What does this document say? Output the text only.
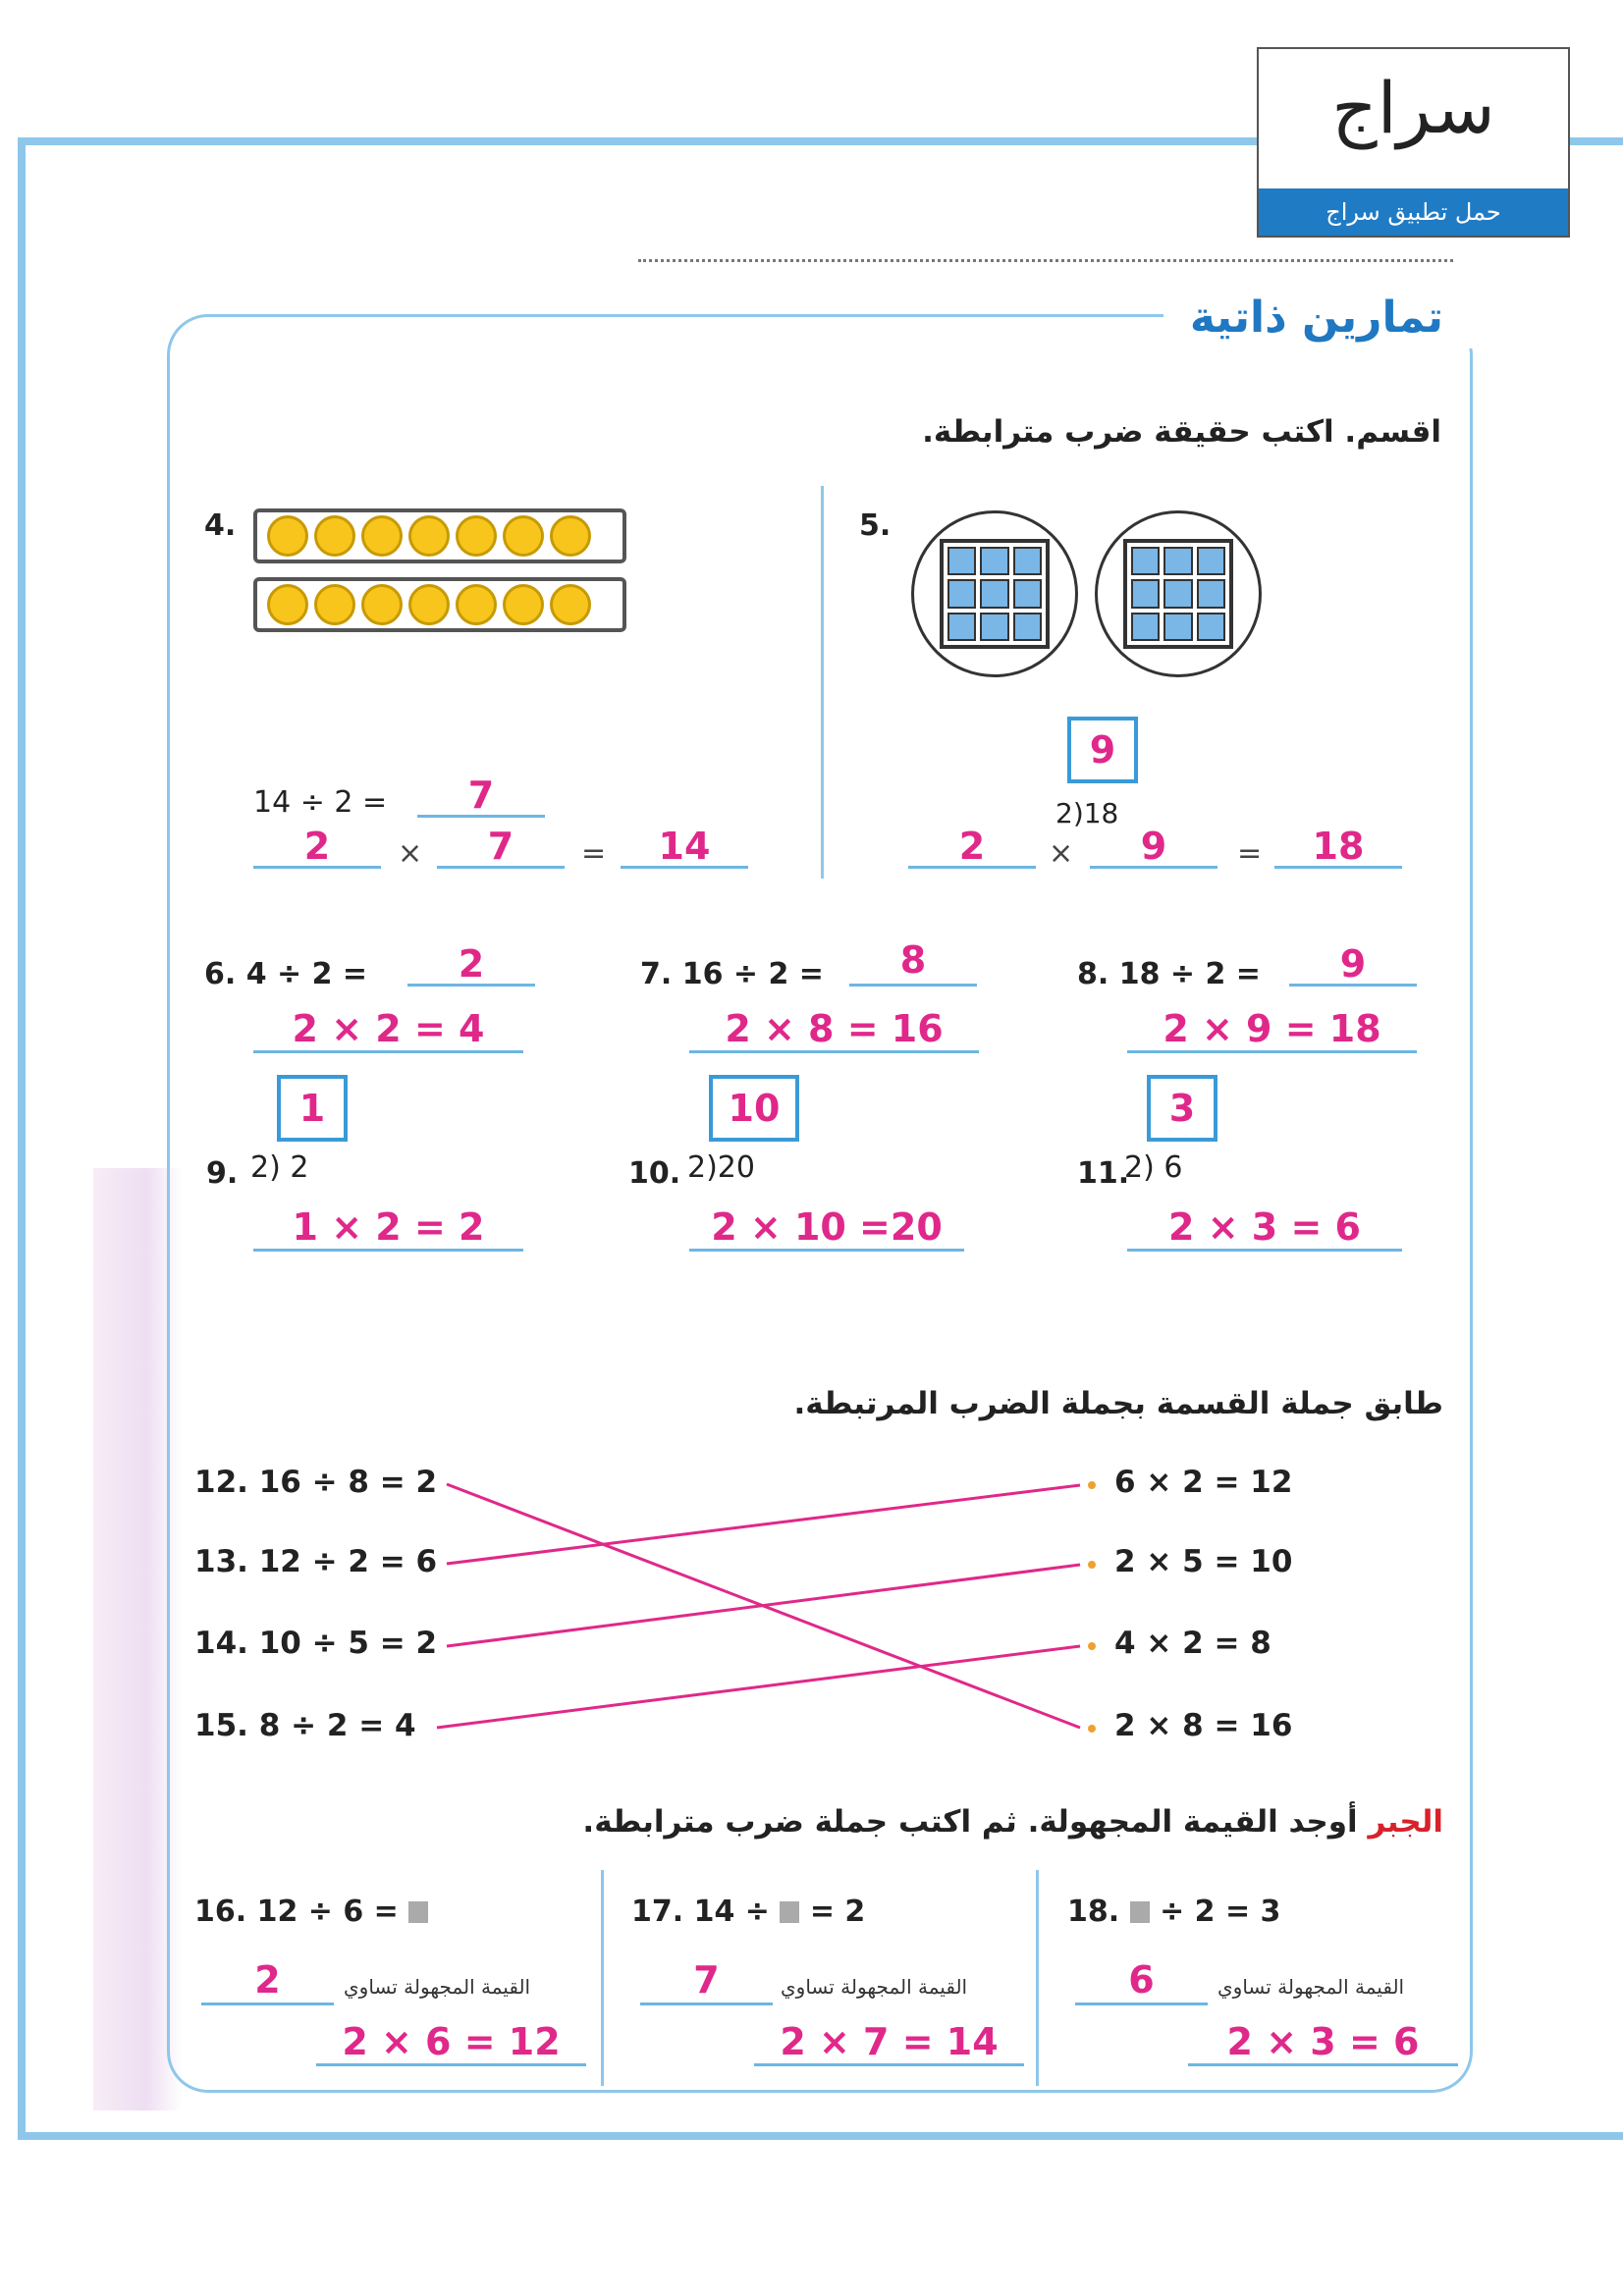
سراج
حمل تطبيق سراج
تمارين ذاتية
اقسم. اكتب حقيقة ضرب مترابطة.
4.
14 ÷ 2 =	7
2	×	7	=	14
5.
9
2)18
2	×	9	=	18
6. 4 ÷ 2 =	2
2 × 2 = 4
7. 16 ÷ 2 =	8
2 × 8 = 16
8. 18 ÷ 2 =	9
2 × 9 = 18
1
9. 2) 2
1 × 2 = 2
10
10. 2)20
2 × 10 =20
3
11.
2) 6
2 × 3 = 6
طابق جملة القسمة بجملة الضرب المرتبطة.
12. 16 ÷ 8 = 2
13. 12 ÷ 2 = 6
14. 10 ÷ 5 = 2
15. 8 ÷ 2 = 4
6 × 2 = 12
2 × 5 = 10
4 × 2 = 8
2 × 8 = 16
الجبر أوجد القيمة المجهولة. ثم اكتب جملة ضرب مترابطة.
16. 12 ÷ 6 =
2	القيمة المجهولة تساوي
2 × 6 = 12
17. 14 ÷ = 2
7	القيمة المجهولة تساوي
2 × 7 = 14
18. ÷ 2 = 3
6	القيمة المجهولة تساوي
2 × 3 = 6
